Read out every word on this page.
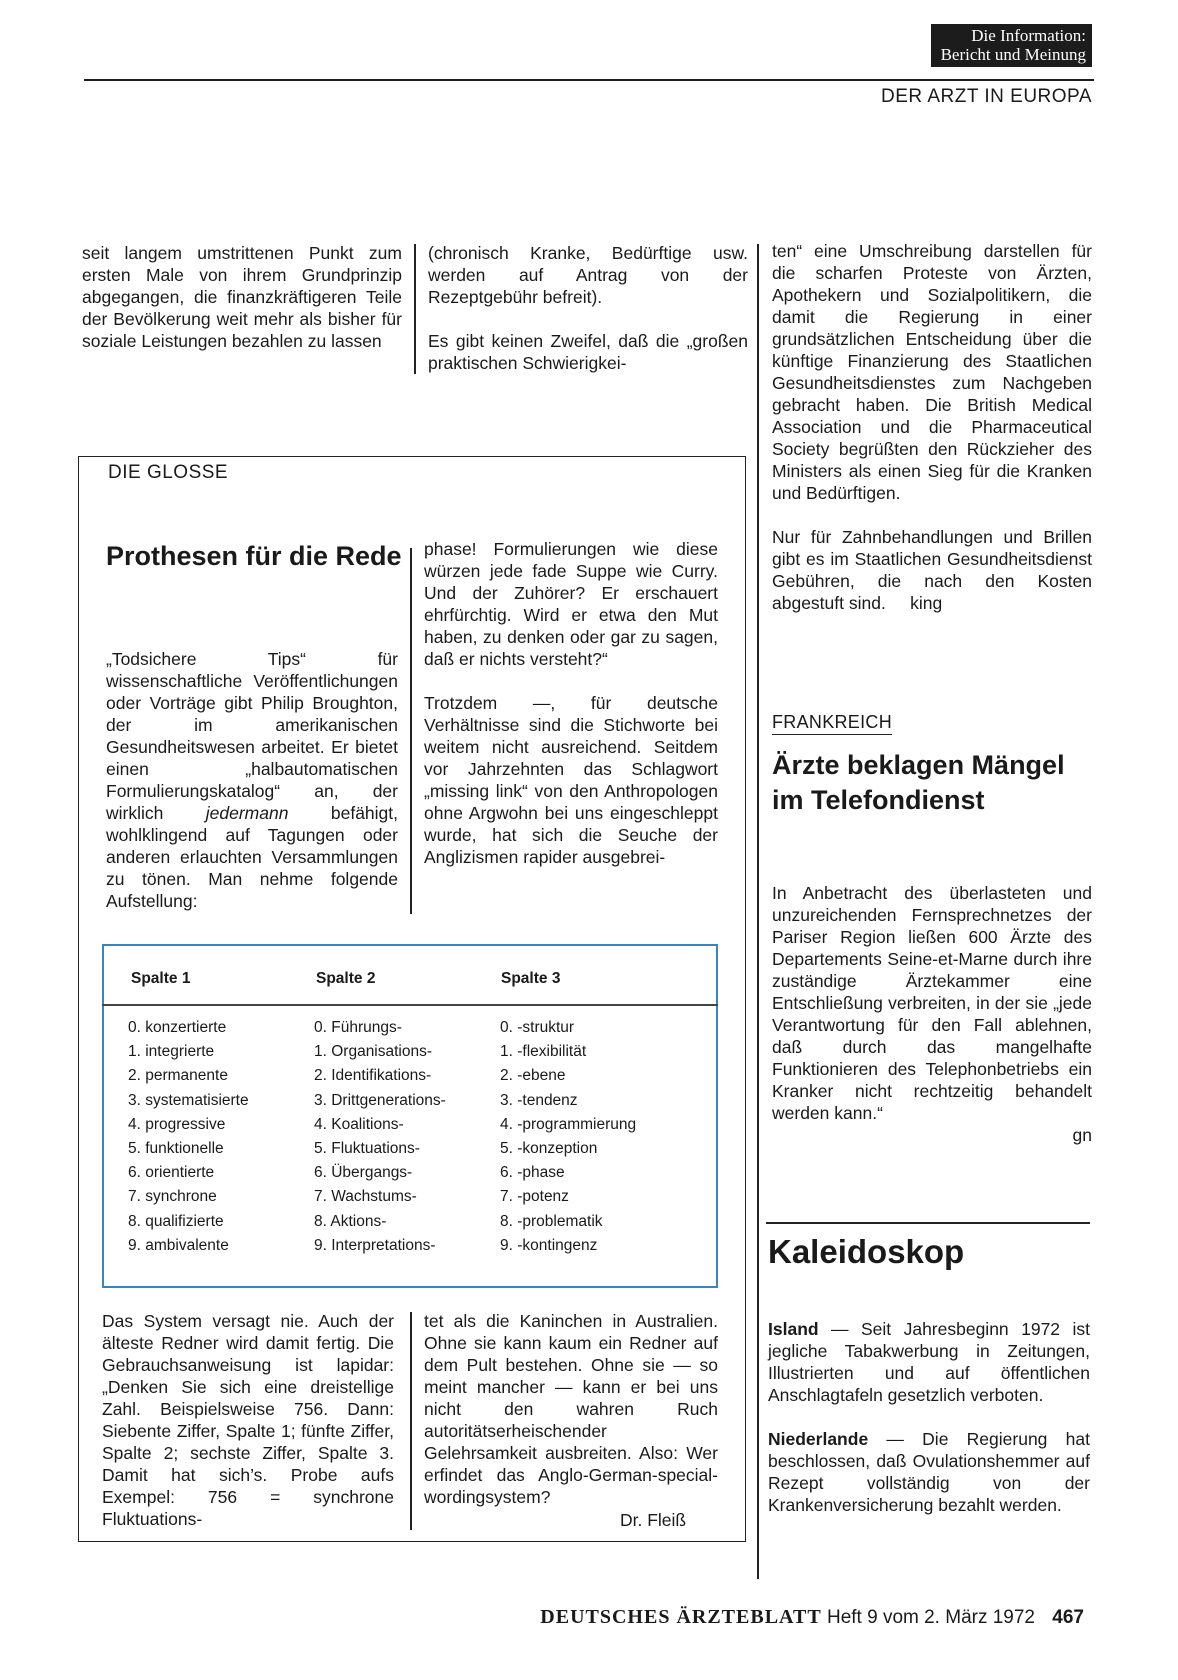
Die Information:
Bericht und Meinung
DER ARZT IN EUROPA

seit langem umstrittenen Punkt zum ersten Male von ihrem Grundprinzip abgegangen, die finanzkräftigeren Teile der Bevölkerung weit mehr als bisher für soziale Leistungen bezahlen zu lassen

(chronisch Kranke, Bedürftige usw. werden auf Antrag von der Rezeptgebühr befreit).

Es gibt keinen Zweifel, daß die „großen praktischen Schwierigkei-

ten“ eine Umschreibung darstellen für die scharfen Proteste von Ärzten, Apothekern und Sozialpolitikern, die damit die Regierung in einer grundsätzlichen Entscheidung über die künftige Finanzierung des Staatlichen Gesundheitsdienstes zum Nachgeben gebracht haben. Die British Medical Association und die Pharmaceutical Society begrüßten den Rückzieher des Ministers als einen Sieg für die Kranken und Bedürftigen.

Nur für Zahnbehandlungen und Brillen gibt es im Staatlichen Gesundheitsdienst Gebühren, die nach den Kosten abgestuft sind. king

FRANKREICH
Ärzte beklagen Mängel im Telefondienst

In Anbetracht des überlasteten und unzureichenden Fernsprechnetzes der Pariser Region ließen 600 Ärzte des Departements Seine-et-Marne durch ihre zuständige Ärztekammer eine Entschließung verbreiten, in der sie „jede Verantwortung für den Fall ablehnen, daß durch das mangelhafte Funktionieren des Telephonbetriebs ein Kranker nicht rechtzeitig behandelt werden kann.“

gn
Kaleidoskop

Island — Seit Jahresbeginn 1972 ist jegliche Tabakwerbung in Zeitungen, Illustrierten und auf öffentlichen Anschlagtafeln gesetzlich verboten.

Niederlande — Die Regierung hat beschlossen, daß Ovulationshemmer auf Rezept vollständig von der Krankenversicherung bezahlt werden.

DIE GLOSSE
Prothesen für die Rede

„Todsichere Tips“ für wissenschaftliche Veröffentlichungen oder Vorträge gibt Philip Broughton, der im amerikanischen Gesundheitswesen arbeitet. Er bietet einen „halbautomatischen Formulierungskatalog“ an, der wirklich jedermann befähigt, wohlklingend auf Tagungen oder anderen erlauchten Versammlungen zu tönen. Man nehme folgende Aufstellung:

phase! Formulierungen wie diese würzen jede fade Suppe wie Curry. Und der Zuhörer? Er erschauert ehrfürchtig. Wird er etwa den Mut haben, zu denken oder gar zu sagen, daß er nichts versteht?“

Trotzdem —, für deutsche Verhältnisse sind die Stichworte bei weitem nicht ausreichend. Seitdem vor Jahrzehnten das Schlagwort „missing link“ von den Anthropologen ohne Argwohn bei uns eingeschleppt wurde, hat sich die Seuche der Anglizismen rapider ausgebrei-

Spalte 1	Spalte 2	Spalte 3
0. konzertierte
1. integrierte
2. permanente
3. systematisierte
4. progressive
5. funktionelle
6. orientierte
7. synchrone
8. qualifizierte
9. ambivalente
0. Führungs-
1. Organisations-
2. Identifikations-
3. Drittgenerations-
4. Koalitions-
5. Fluktuations-
6. Übergangs-
7. Wachstums-
8. Aktions-
9. Interpretations-
0. -struktur
1. -flexibilität
2. -ebene
3. -tendenz
4. -programmierung
5. -konzeption
6. -phase
7. -potenz
8. -problematik
9. -kontingenz

Das System versagt nie. Auch der älteste Redner wird damit fertig. Die Gebrauchsanweisung ist lapidar: „Denken Sie sich eine dreistellige Zahl. Beispielsweise 756. Dann: Siebente Ziffer, Spalte 1; fünfte Ziffer, Spalte 2; sechste Ziffer, Spalte 3. Damit hat sich’s. Probe aufs Exempel: 756 = synchrone Fluktuations-

tet als die Kaninchen in Australien. Ohne sie kann kaum ein Redner auf dem Pult bestehen. Ohne sie — so meint mancher — kann er bei uns nicht den wahren Ruch autoritätserheischender Gelehrsamkeit ausbreiten. Also: Wer erfindet das Anglo-German-special-wordingsystem?

Dr. Fleiß
DEUTSCHES ÄRZTEBLATT Heft 9 vom 2. März 1972 467
